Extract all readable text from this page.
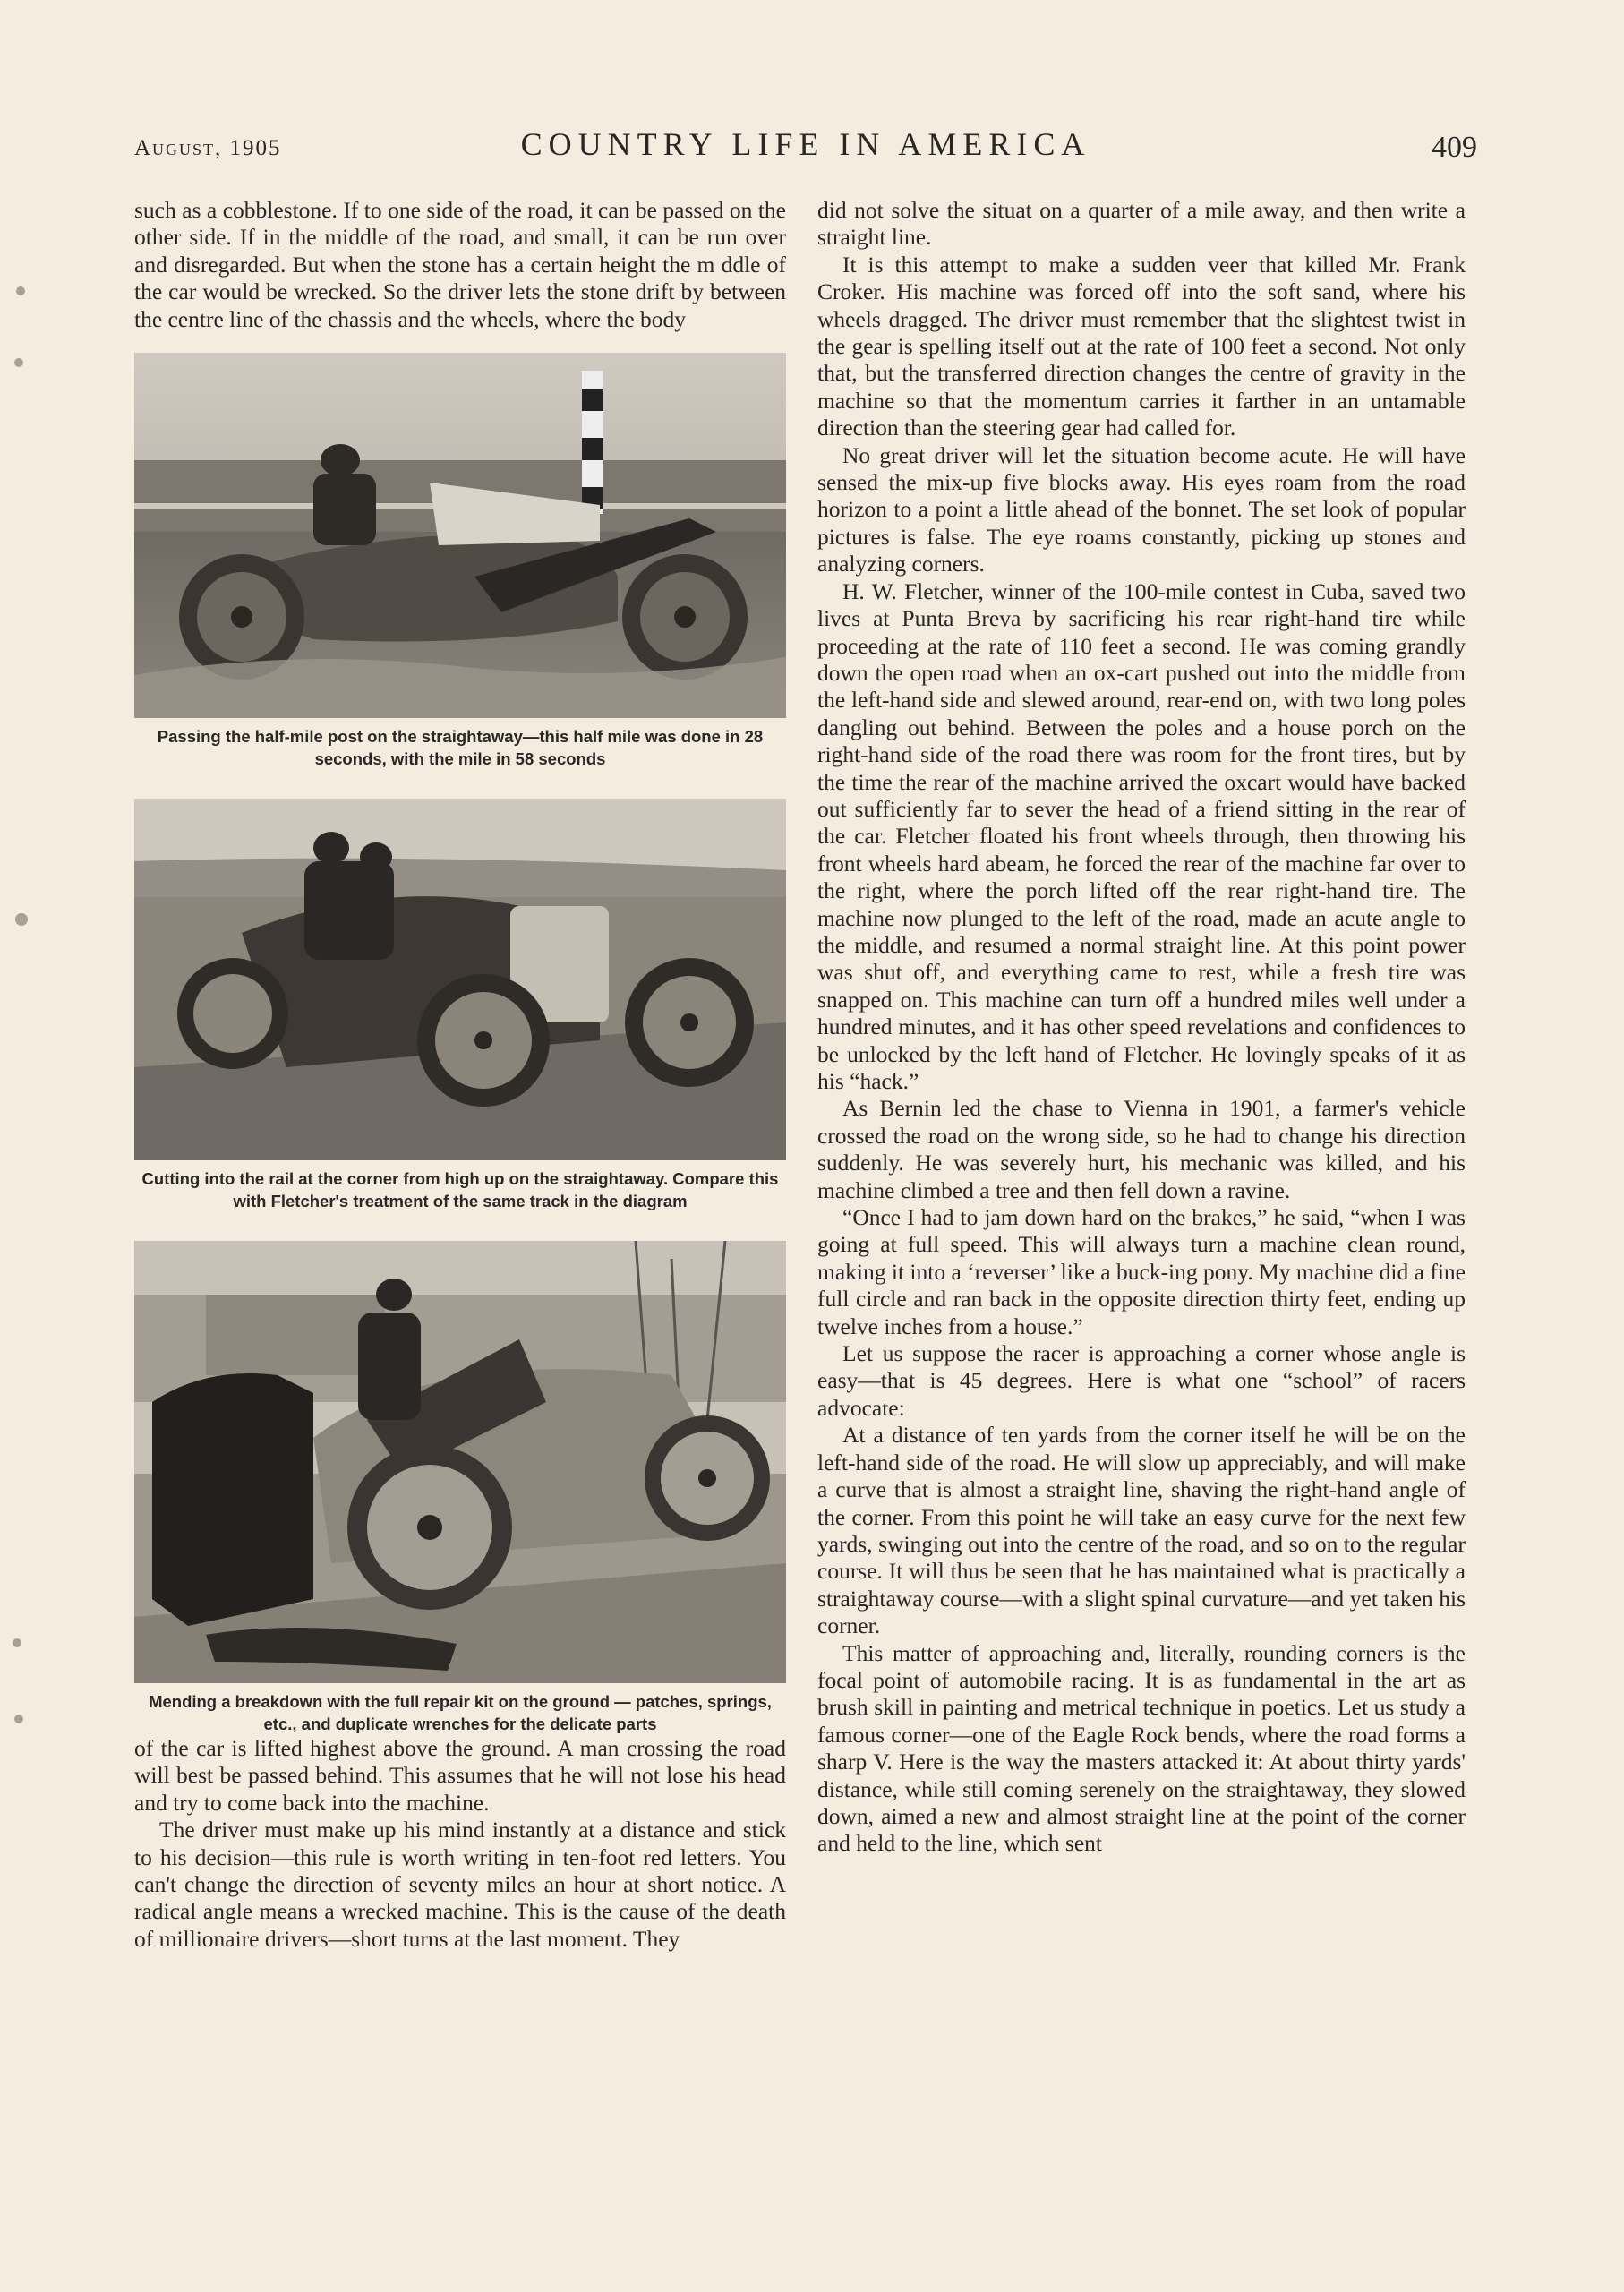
August, 1905	COUNTRY LIFE IN AMERICA	409

such as a cobblestone. If to one side of the road, it can be passed on the other side. If in the middle of the road, and small, it can be run over and disregarded. But when the stone has a certain height the m ddle of the car would be wrecked. So the driver lets the stone drift by between the centre line of the chassis and the wheels, where the body

Passing the half-mile post on the straightaway—this half mile was done in 28 seconds, with the mile in 58 seconds
Cutting into the rail at the corner from high up on the straightaway. Compare this with Fletcher's treatment of the same track in the diagram
Mending a breakdown with the full repair kit on the ground — patches, springs, etc., and duplicate wrenches for the delicate parts

of the car is lifted highest above the ground. A man crossing the road will best be passed behind. This assumes that he will not lose his head and try to come back into the machine.

The driver must make up his mind instantly at a distance and stick to his decision—this rule is worth writing in ten-foot red letters. You can't change the direction of seventy miles an hour at short notice. A radical angle means a wrecked machine. This is the cause of the death of millionaire drivers—short turns at the last moment. They

did not solve the situat on a quarter of a mile away, and then write a straight line.

It is this attempt to make a sudden veer that killed Mr. Frank Croker. His machine was forced off into the soft sand, where his wheels dragged. The driver must remember that the slightest twist in the gear is spelling itself out at the rate of 100 feet a second. Not only that, but the transferred direction changes the centre of gravity in the machine so that the momentum carries it farther in an untamable direction than the steering gear had called for.

No great driver will let the situation become acute. He will have sensed the mix-up five blocks away. His eyes roam from the road horizon to a point a little ahead of the bonnet. The set look of popular pictures is false. The eye roams constantly, picking up stones and analyzing corners.

H. W. Fletcher, winner of the 100-mile contest in Cuba, saved two lives at Punta Breva by sacrificing his rear right-hand tire while proceeding at the rate of 110 feet a second. He was coming grandly down the open road when an ox-cart pushed out into the middle from the left-hand side and slewed around, rear-end on, with two long poles dangling out behind. Between the poles and a house porch on the right-hand side of the road there was room for the front tires, but by the time the rear of the machine arrived the oxcart would have backed out sufficiently far to sever the head of a friend sitting in the rear of the car. Fletcher floated his front wheels through, then throwing his front wheels hard abeam, he forced the rear of the machine far over to the right, where the porch lifted off the rear right-hand tire. The machine now plunged to the left of the road, made an acute angle to the middle, and resumed a normal straight line. At this point power was shut off, and everything came to rest, while a fresh tire was snapped on. This machine can turn off a hundred miles well under a hundred minutes, and it has other speed revelations and confidences to be unlocked by the left hand of Fletcher. He lovingly speaks of it as his “hack.”

As Bernin led the chase to Vienna in 1901, a farmer's vehicle crossed the road on the wrong side, so he had to change his direction suddenly. He was severely hurt, his mechanic was killed, and his machine climbed a tree and then fell down a ravine.

“Once I had to jam down hard on the brakes,” he said, “when I was going at full speed. This will always turn a machine clean round, making it into a ‘reverser’ like a buck-ing pony. My machine did a fine full circle and ran back in the opposite direction thirty feet, ending up twelve inches from a house.”

Let us suppose the racer is approaching a corner whose angle is easy—that is 45 degrees. Here is what one “school” of racers advocate:

At a distance of ten yards from the corner itself he will be on the left-hand side of the road. He will slow up appreciably, and will make a curve that is almost a straight line, shaving the right-hand angle of the corner. From this point he will take an easy curve for the next few yards, swinging out into the centre of the road, and so on to the regular course. It will thus be seen that he has maintained what is practically a straightaway course—with a slight spinal curvature—and yet taken his corner.

This matter of approaching and, literally, rounding corners is the focal point of automobile racing. It is as fundamental in the art as brush skill in painting and metrical technique in poetics. Let us study a famous corner—one of the Eagle Rock bends, where the road forms a sharp V. Here is the way the masters attacked it: At about thirty yards' distance, while still coming serenely on the straightaway, they slowed down, aimed a new and almost straight line at the point of the corner and held to the line, which sent
